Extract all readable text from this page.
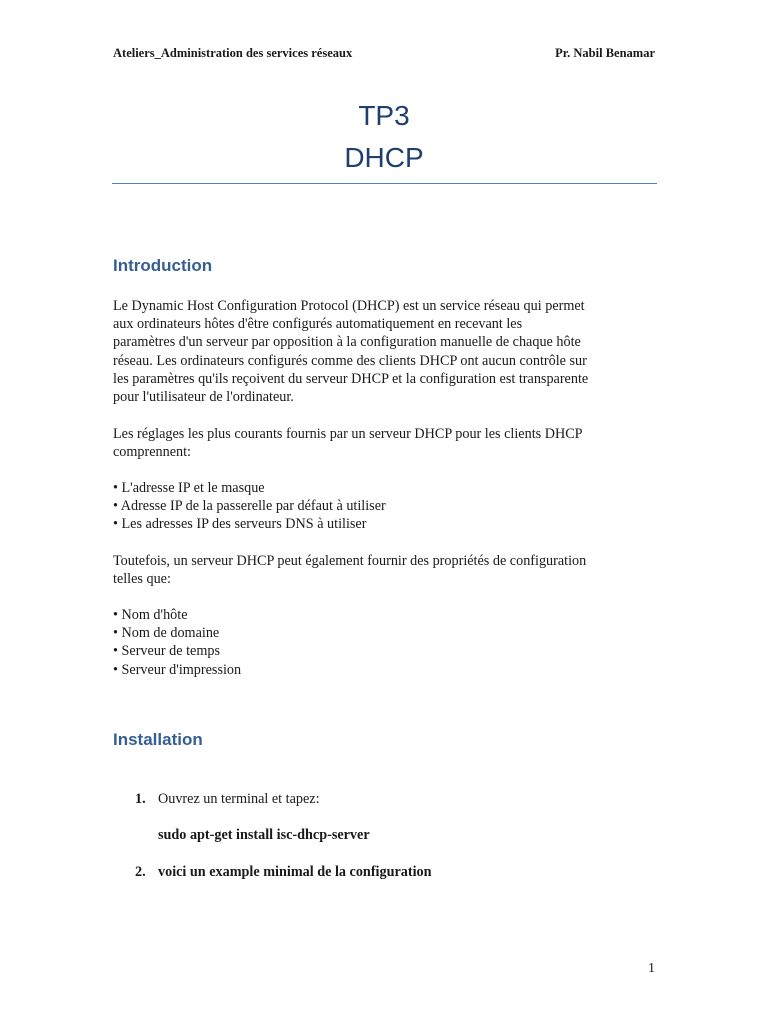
Ateliers_Administration des services réseaux	Pr. Nabil Benamar
TP3
DHCP
Introduction
Le Dynamic Host Configuration Protocol (DHCP) est un service réseau qui permet
aux ordinateurs hôtes d'être configurés automatiquement en recevant les
paramètres d'un serveur par opposition à la configuration manuelle de chaque hôte
réseau. Les ordinateurs configurés comme des clients DHCP ont aucun contrôle sur
les paramètres qu'ils reçoivent du serveur DHCP et la configuration est transparente
pour l'utilisateur de l'ordinateur.
Les réglages les plus courants fournis par un serveur DHCP pour les clients DHCP
comprennent:
• L'adresse IP et le masque
• Adresse IP de la passerelle par défaut à utiliser
• Les adresses IP des serveurs DNS à utiliser
Toutefois, un serveur DHCP peut également fournir des propriétés de configuration
telles que:
• Nom d'hôte
• Nom de domaine
• Serveur de temps
• Serveur d'impression
Installation
1. Ouvrez un terminal et tapez:
sudo apt-get install isc-dhcp-server
2. voici un example minimal de la configuration
1
